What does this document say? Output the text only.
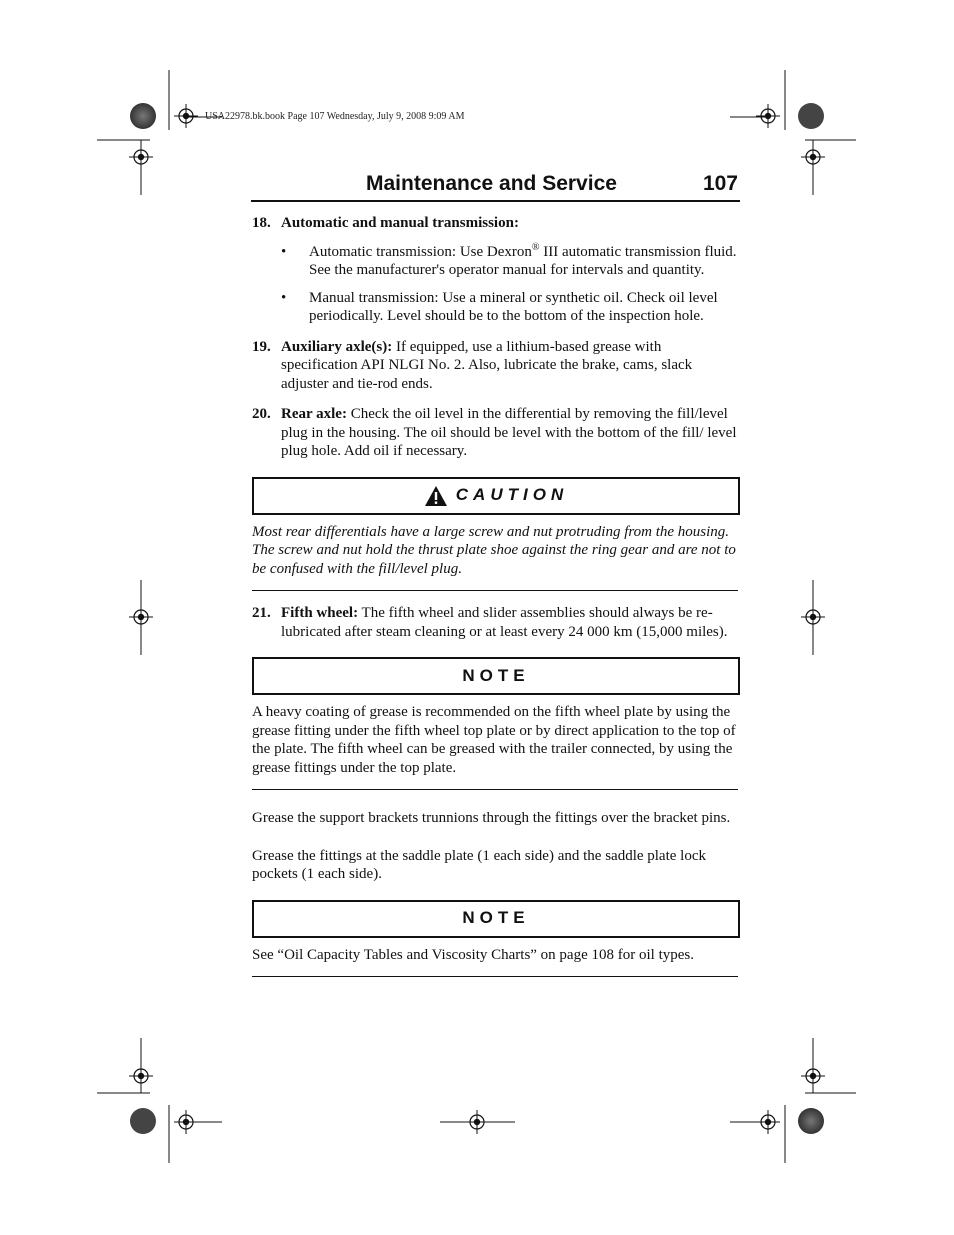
USA22978.bk.book Page 107 Wednesday, July 9, 2008 9:09 AM
Maintenance and Service	107
18. Automatic and manual transmission:
• Automatic transmission: Use Dexron® III automatic transmission fluid. See the manufacturer's operator manual for intervals and quantity.
• Manual transmission: Use a mineral or synthetic oil. Check oil level periodically. Level should be to the bottom of the inspection hole.
19. Auxiliary axle(s): If equipped, use a lithium-based grease with specification API NLGI No. 2. Also, lubricate the brake, cams, slack adjuster and tie-rod ends.
20. Rear axle: Check the oil level in the differential by removing the fill/level plug in the housing. The oil should be level with the bottom of the fill/ level plug hole. Add oil if necessary.
CAUTION
Most rear differentials have a large screw and nut protruding from the housing. The screw and nut hold the thrust plate shoe against the ring gear and are not to be confused with the fill/level plug.
21. Fifth wheel: The fifth wheel and slider assemblies should always be re-lubricated after steam cleaning or at least every 24 000 km (15,000 miles).
NOTE
A heavy coating of grease is recommended on the fifth wheel plate by using the grease fitting under the fifth wheel top plate or by direct application to the top of the plate. The fifth wheel can be greased with the trailer connected, by using the grease fittings under the top plate.
Grease the support brackets trunnions through the fittings over the bracket pins.
Grease the fittings at the saddle plate (1 each side) and the saddle plate lock pockets (1 each side).
NOTE
See “Oil Capacity Tables and Viscosity Charts” on page 108 for oil types.
